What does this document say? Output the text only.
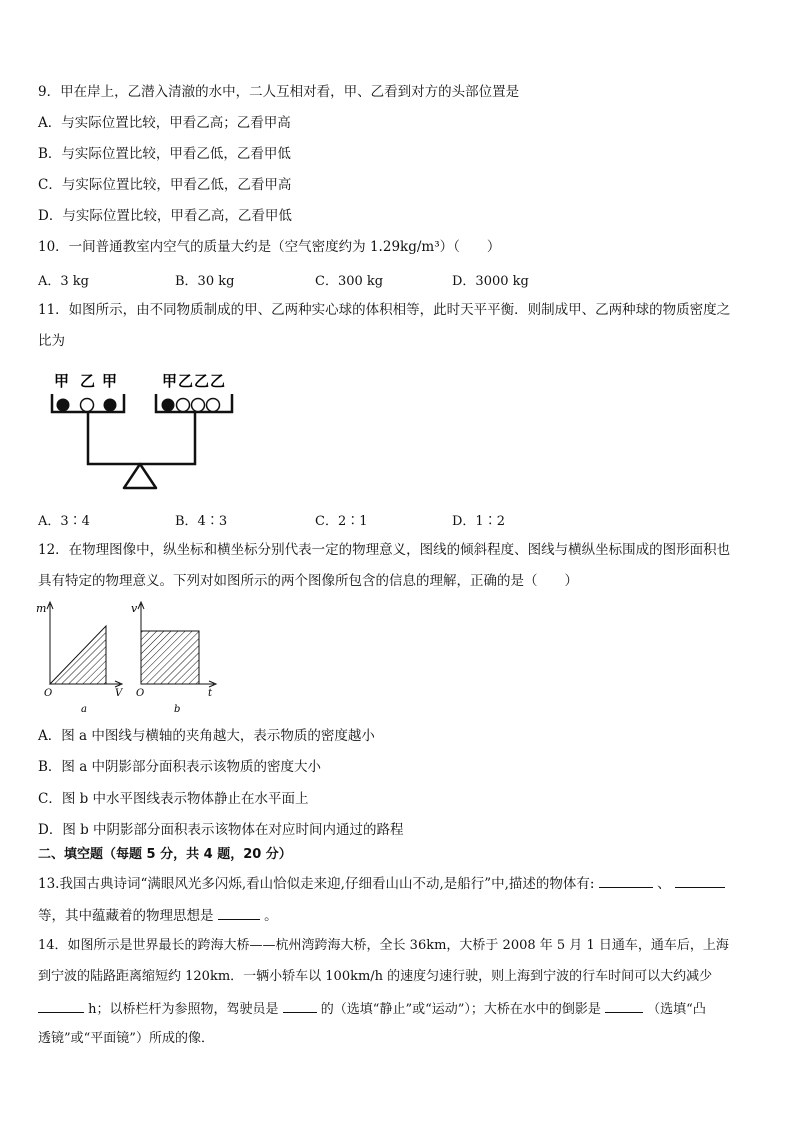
9．甲在岸上，乙潜入清澈的水中，二人互相对看，甲、乙看到对方的头部位置是
A．与实际位置比较，甲看乙高；乙看甲高
B．与实际位置比较，甲看乙低，乙看甲低
C．与实际位置比较，甲看乙低，乙看甲高
D．与实际位置比较，甲看乙高，乙看甲低
10．一间普通教室内空气的质量大约是（空气密度约为 1.29kg/m³）（　　）
A．3 kg	B．30 kg	C．300 kg	D．3000 kg
11．如图所示，由不同物质制成的甲、乙两种实心球的体积相等，此时天平平衡．则制成甲、乙两种球的物质密度之
比为
甲 乙 甲	甲 乙 乙 乙
A．3∶4	B．4∶3	C．2∶1	D．1∶2
12．在物理图像中，纵坐标和横坐标分别代表一定的物理意义，图线的倾斜程度、图线与横纵坐标围成的图形面积也
具有特定的物理意义。下列对如图所示的两个图像所包含的信息的理解，正确的是（　　）
m
O	V
a
v
O	t
b
A．图 a 中图线与横轴的夹角越大，表示物质的密度越小
B．图 a 中阴影部分面积表示该物质的密度大小
C．图 b 中水平图线表示物体静止在水平面上
D．图 b 中阴影部分面积表示该物体在对应时间内通过的路程
二、填空题（每题 5 分，共 4 题，20 分）
13.我国古典诗词“满眼风光多闪烁,看山恰似走来迎,仔细看山山不动,是船行”中,描述的物体有:	、
等，其中蕴藏着的物理思想是	。
14．如图所示是世界最长的跨海大桥——杭州湾跨海大桥，全长 36km，大桥于 2008 年 5 月 1 日通车，通车后，上海
到宁波的陆路距离缩短约 120km．一辆小轿车以 100km/h 的速度匀速行驶，则上海到宁波的行车时间可以大约减少
h；以桥栏杆为参照物，驾驶员是	的（选填“静止”或“运动”）；大桥在水中的倒影是	（选填“凸
透镜”或“平面镜”）所成的像．
